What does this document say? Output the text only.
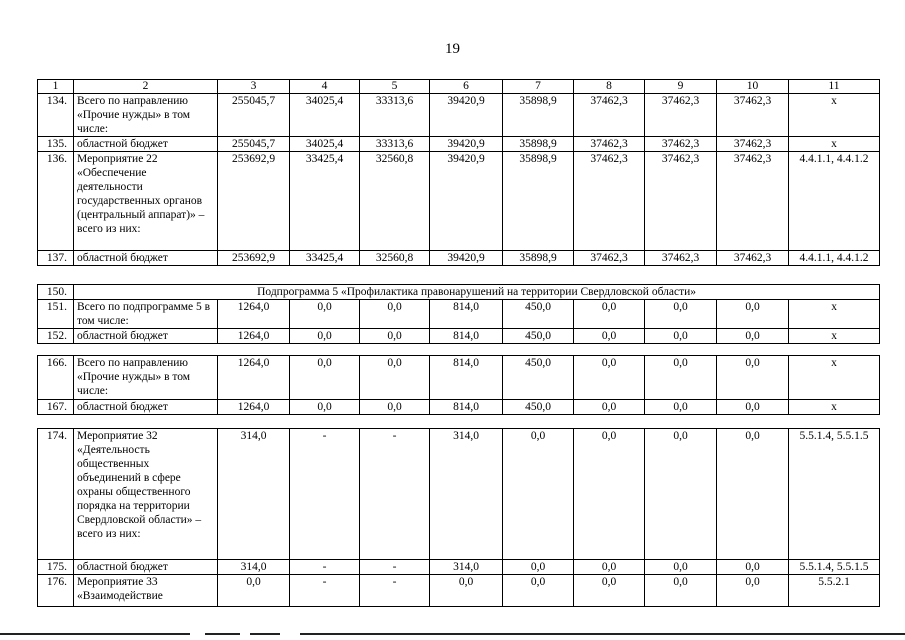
19
1	2	3	4	5	6	7	8	9	10	11
134.	Всего по направлению «Прочие нужды» в том числе:	255045,7	34025,4	33313,6	39420,9	35898,9	37462,3	37462,3	37462,3	х
135.	областной бюджет	255045,7	34025,4	33313,6	39420,9	35898,9	37462,3	37462,3	37462,3	х
136.	Мероприятие 22 «Обеспечение деятельности государственных органов (центральный аппарат)» – всего из них:	253692,9	33425,4	32560,8	39420,9	35898,9	37462,3	37462,3	37462,3	4.4.1.1, 4.4.1.2
137.	областной бюджет	253692,9	33425,4	32560,8	39420,9	35898,9	37462,3	37462,3	37462,3	4.4.1.1, 4.4.1.2
150.	Подпрограмма 5 «Профилактика правонарушений на территории Свердловской области»									
151.	Всего по подпрограмме 5 в том числе:	1264,0	0,0	0,0	814,0	450,0	0,0	0,0	0,0	х
152.	областной бюджет	1264,0	0,0	0,0	814,0	450,0	0,0	0,0	0,0	х
166.	Всего по направлению «Прочие нужды» в том числе:	1264,0	0,0	0,0	814,0	450,0	0,0	0,0	0,0	х
167.	областной бюджет	1264,0	0,0	0,0	814,0	450,0	0,0	0,0	0,0	х
174.	Мероприятие 32 «Деятельность общественных объединений в сфере охраны общественного порядка на территории Свердловской области» – всего из них:	314,0	-	-	314,0	0,0	0,0	0,0	0,0	5.5.1.4, 5.5.1.5
175.	областной бюджет	314,0	-	-	314,0	0,0	0,0	0,0	0,0	5.5.1.4, 5.5.1.5
176.	Мероприятие 33 «Взаимодействие	0,0	-	-	0,0	0,0	0,0	0,0	0,0	5.5.2.1
